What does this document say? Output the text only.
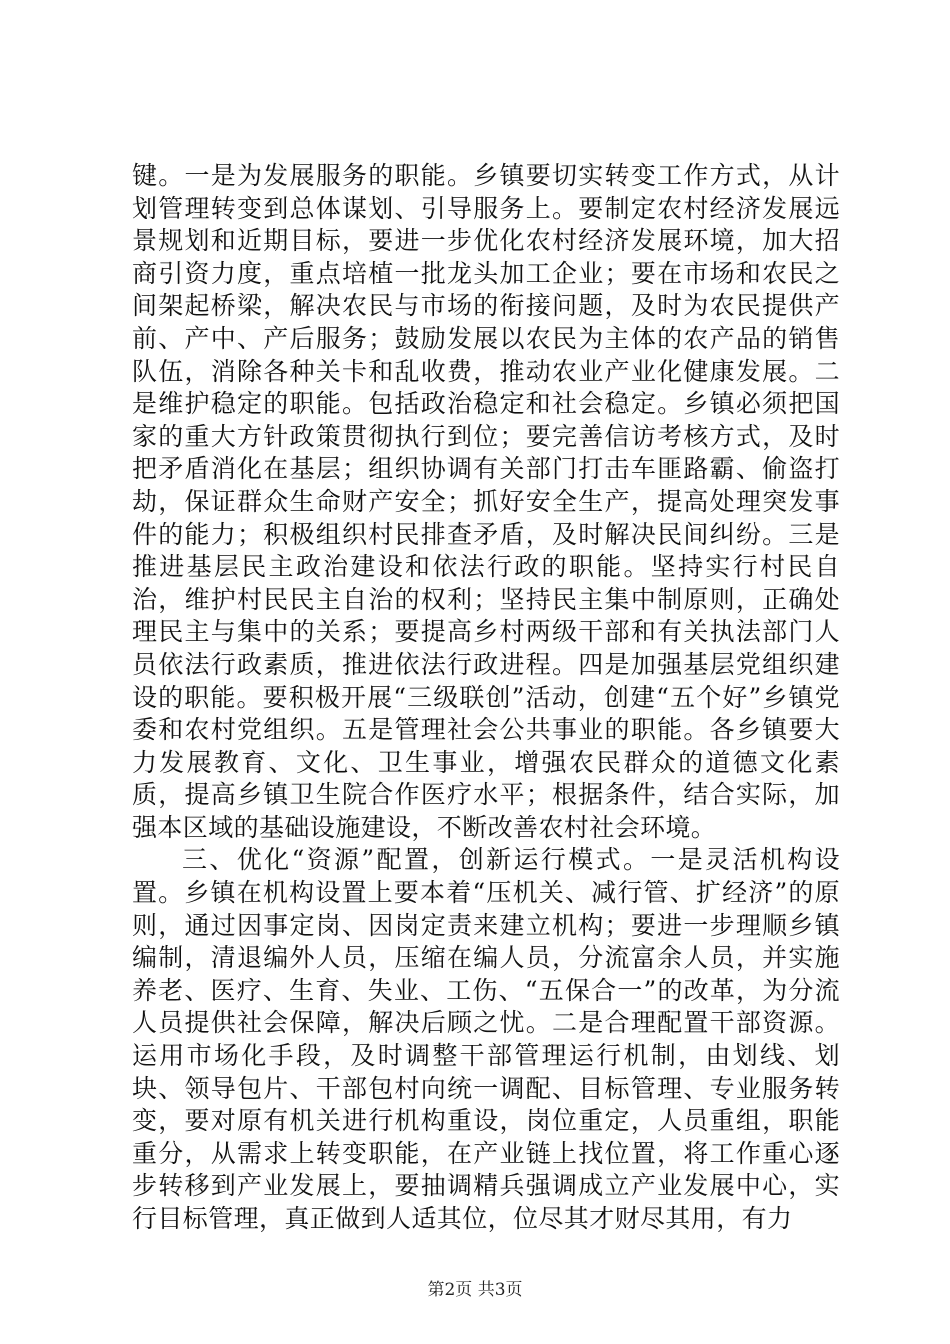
键。一是为发展服务的职能。乡镇要切实转变工作方式，从计划管理转变到总体谋划、引导服务上。要制定农村经济发展远景规划和近期目标，要进一步优化农村经济发展环境，加大招商引资力度，重点培植一批龙头加工企业；要在市场和农民之间架起桥梁，解决农民与市场的衔接问题，及时为农民提供产前、产中、产后服务；鼓励发展以农民为主体的农产品的销售队伍，消除各种关卡和乱收费，推动农业产业化健康发展。二是维护稳定的职能。包括政治稳定和社会稳定。乡镇必须把国家的重大方针政策贯彻执行到位；要完善信访考核方式，及时把矛盾消化在基层；组织协调有关部门打击车匪路霸、偷盗打劫，保证群众生命财产安全；抓好安全生产，提高处理突发事件的能力；积极组织村民排查矛盾，及时解决民间纠纷。三是推进基层民主政治建设和依法行政的职能。坚持实行村民自治，维护村民民主自治的权利；坚持民主集中制原则，正确处理民主与集中的关系；要提高乡村两级干部和有关执法部门人员依法行政素质，推进依法行政进程。四是加强基层党组织建设的职能。要积极开展“三级联创”活动，创建“五个好”乡镇党委和农村党组织。五是管理社会公共事业的职能。各乡镇要大力发展教育、文化、卫生事业，增强农民群众的道德文化素质，提高乡镇卫生院合作医疗水平；根据条件，结合实际，加强本区域的基础设施建设，不断改善农村社会环境。

三、优化“资源”配置，创新运行模式。一是灵活机构设置。乡镇在机构设置上要本着“压机关、减行管、扩经济”的原则，通过因事定岗、因岗定责来建立机构；要进一步理顺乡镇编制，清退编外人员，压缩在编人员，分流富余人员，并实施养老、医疗、生育、失业、工伤、“五保合一”的改革，为分流人员提供社会保障，解决后顾之忧。二是合理配置干部资源。运用市场化手段，及时调整干部管理运行机制，由划线、划块、领导包片、干部包村向统一调配、目标管理、专业服务转变，要对原有机关进行机构重设，岗位重定，人员重组，职能重分，从需求上转变职能，在产业链上找位置，将工作重心逐步转移到产业发展上，要抽调精兵强调成立产业发展中心，实行目标管理，真正做到人适其位，位尽其才财尽其用，有力

第2页 共3页
